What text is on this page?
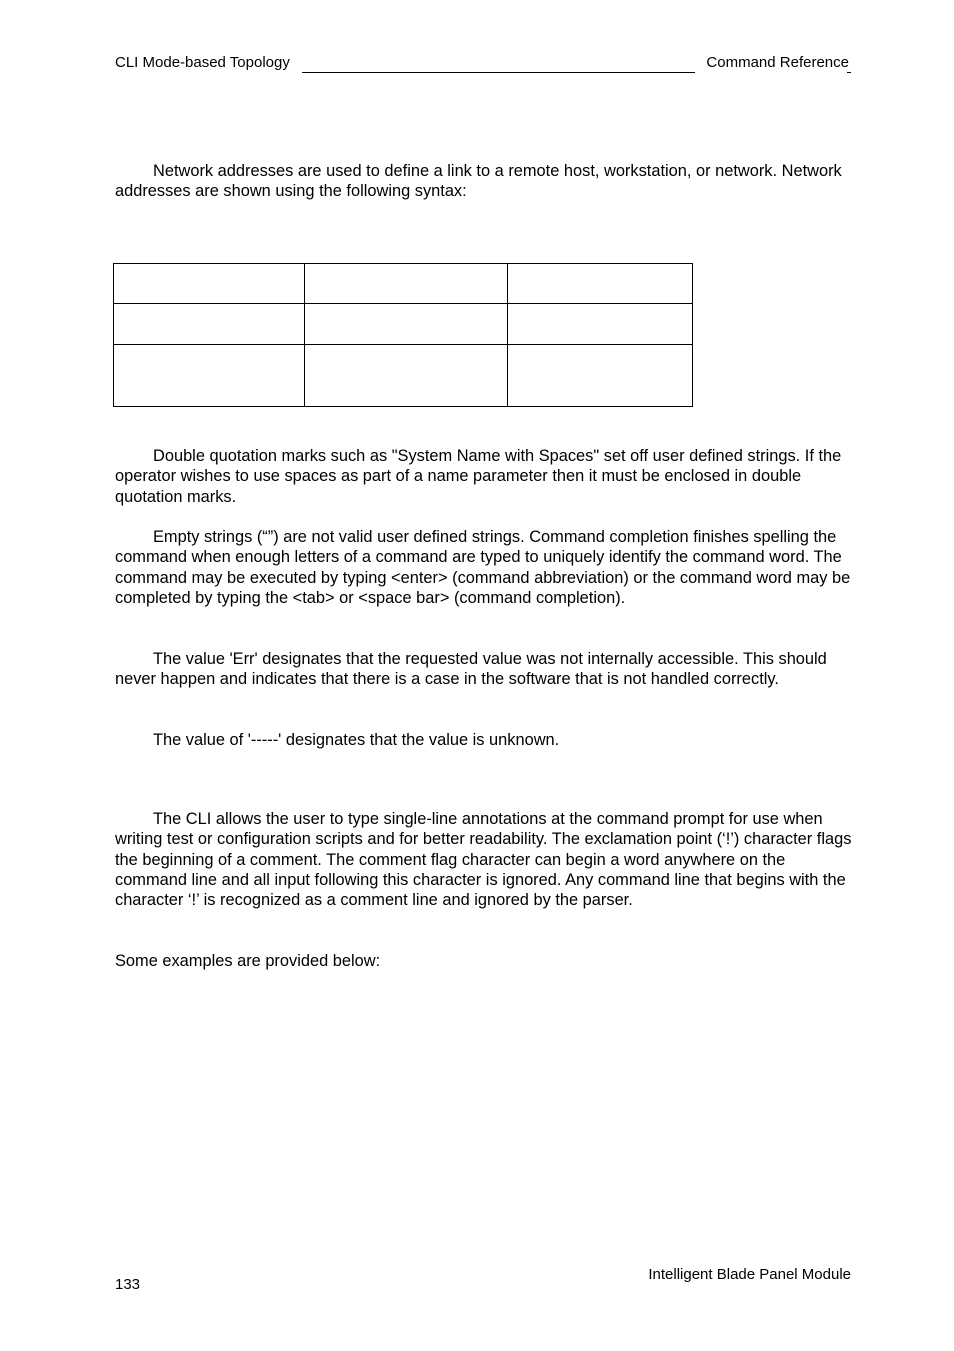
CLI Mode-based Topology	Command Reference

Network addresses are used to define a link to a remote host, workstation, or network. Network addresses are shown using the following syntax:

Double quotation marks such as "System Name with Spaces" set off user defined strings. If the operator wishes to use spaces as part of a name parameter then it must be enclosed in double quotation marks.

Empty strings (“”) are not valid user defined strings. Command completion finishes spelling the command when enough letters of a command are typed to uniquely identify the command word. The command may be executed by typing <enter> (command abbreviation) or the command word may be completed by typing the <tab> or <space bar> (command completion).

The value 'Err' designates that the requested value was not internally accessible. This should never happen and indicates that there is a case in the software that is not handled correctly.

The value of '-----' designates that the value is unknown.

The CLI allows the user to type single-line annotations at the command prompt for use when writing test or configuration scripts and for better readability. The exclamation point (‘!’) character flags the beginning of a comment. The comment flag character can begin a word anywhere on the command line and all input following this character is ignored. Any command line that begins with the character ‘!’ is recognized as a comment line and ignored by the parser.

Some examples are provided below:

133
Intelligent Blade Panel Module
